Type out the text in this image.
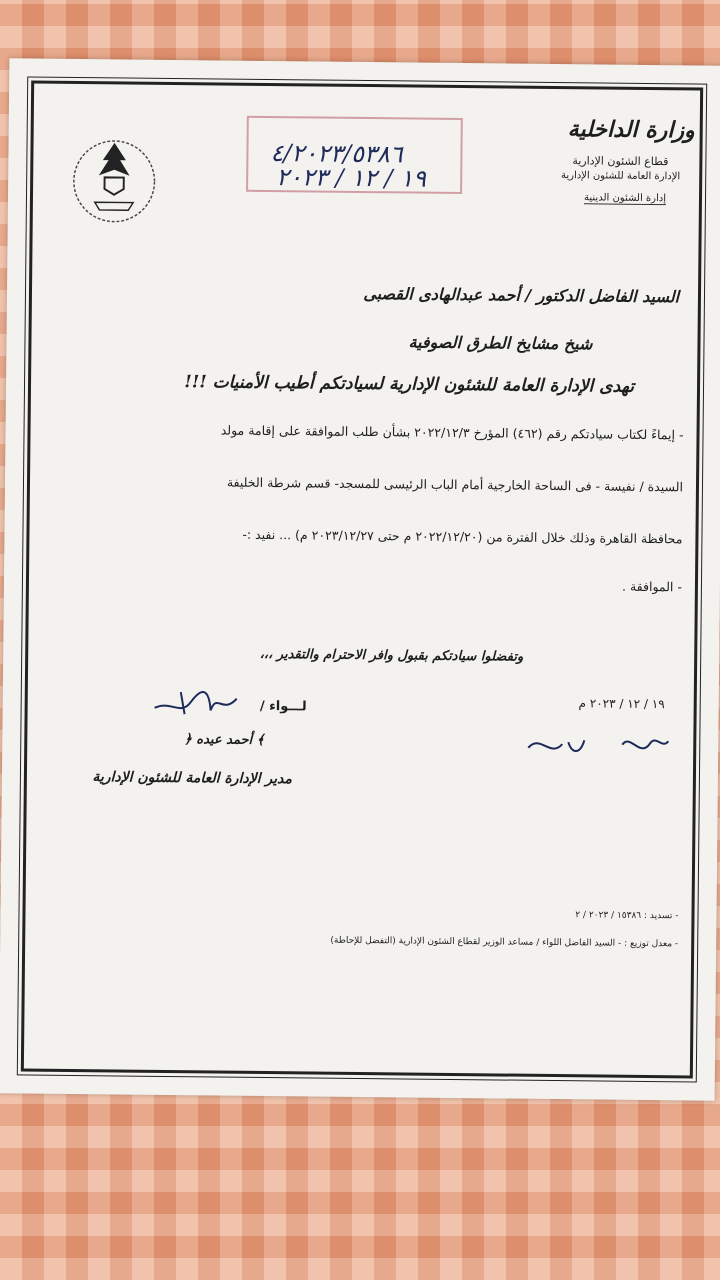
وزارة الداخلية
قطاع الشئون الإدارية
الإدارة العامة للشئون الإدارية
إدارة الشئون الدينية

٤/٢٠٢٣/٥٣٨٦
١٩ / ١٢ / ٢٠٢٣
السيد الفاضل الدكتور / أحمد عبدالهادى القصبى
شيخ مشايخ الطرق الصوفية
تهدى الإدارة العامة للشئون الإدارية لسيادتكم أطيب الأمنيات !!!
- إيماءً لكتاب سيادتكم رقم (٤٦٢) المؤرخ ٢٠٢٢/١٢/٣ بشأن طلب الموافقة على إقامة مولد
السيدة / نفيسة - فى الساحة الخارجية أمام الباب الرئيسى للمسجد- قسم شرطة الخليفة
محافظة القاهرة وذلك خلال الفترة من (٢٠٢٢/١٢/٢٠ م حتى ٢٠٢٣/١٢/٢٧ م) ... نفيد :-
- الموافقة .
وتفضلوا سيادتكم بقبول وافر الاحترام والتقدير ،،،
لـــواء /
﴾ أحمد عيده ﴿
مدير الإدارة العامة للشئون الإدارية
١٩ / ١٢ / ٢٠٢٣ م
- تسديد : ١٥٣٨٦ / ٢٠٢٣ / ٢
- معدل توزيع : - السيد الفاضل اللواء / مساعد الوزير لقطاع الشئون الإدارية (التفضل للإحاطة)
